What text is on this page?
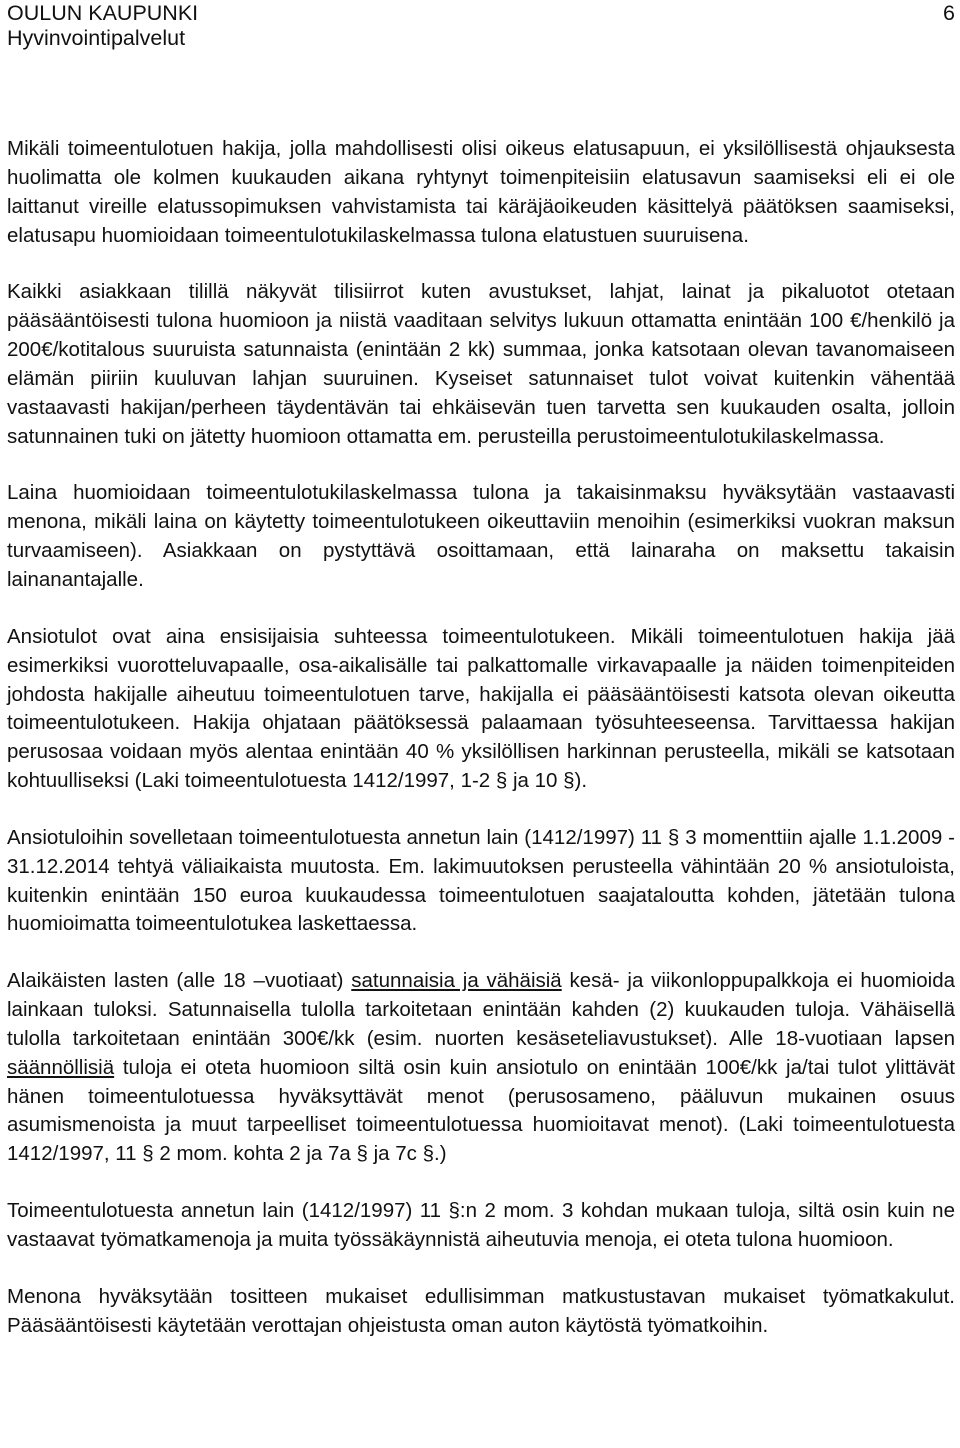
OULUN KAUPUNKI
Hyvinvointipalvelut
6

Mikäli toimeentulotuen hakija, jolla mahdollisesti olisi oikeus elatusapuun, ei yksilöllisestä ohjauksesta huolimatta ole kolmen kuukauden aikana ryhtynyt toimenpiteisiin elatusavun saamiseksi eli ei ole laittanut vireille elatussopimuksen vahvistamista tai käräjäoikeuden käsittelyä päätöksen saamiseksi, elatusapu huomioidaan toimeentulotukilaskelmassa tulona elatustuen suuruisena.

Kaikki asiakkaan tilillä näkyvät tilisiirrot kuten avustukset, lahjat, lainat ja pikaluotot otetaan pääsääntöisesti tulona huomioon ja niistä vaaditaan selvitys lukuun ottamatta enintään 100 €/henkilö ja 200€/kotitalous suuruista satunnaista (enintään 2 kk) summaa, jonka katsotaan olevan tavanomaiseen elämän piiriin kuuluvan lahjan suuruinen. Kyseiset satunnaiset tulot voivat kuitenkin vähentää vastaavasti hakijan/perheen täydentävän tai ehkäisevän tuen tarvetta sen kuukauden osalta, jolloin satunnainen tuki on jätetty huomioon ottamatta em. perusteilla perustoimeentulotukilaskelmassa.

Laina huomioidaan toimeentulotukilaskelmassa tulona ja takaisinmaksu hyväksytään vastaavasti menona, mikäli laina on käytetty toimeentulotukeen oikeuttaviin menoihin (esimerkiksi vuokran maksun turvaamiseen). Asiakkaan on pystyttävä osoittamaan, että lainaraha on maksettu takaisin lainanantajalle.

Ansiotulot ovat aina ensisijaisia suhteessa toimeentulotukeen. Mikäli toimeentulotuen hakija jää esimerkiksi vuorotteluvapaalle, osa-aikalisälle tai palkattomalle virkavapaalle ja näiden toimenpiteiden johdosta hakijalle aiheutuu toimeentulotuen tarve, hakijalla ei pääsääntöisesti katsota olevan oikeutta toimeentulotukeen. Hakija ohjataan päätöksessä palaamaan työsuhteeseensa. Tarvittaessa hakijan perusosaa voidaan myös alentaa enintään 40 % yksilöllisen harkinnan perusteella, mikäli se katsotaan kohtuulliseksi (Laki toimeentulotuesta 1412/1997, 1-2 § ja 10 §).

Ansiotuloihin sovelletaan toimeentulotuesta annetun lain (1412/1997) 11 § 3 momenttiin ajalle 1.1.2009 - 31.12.2014 tehtyä väliaikaista muutosta. Em. lakimuutoksen perusteella vähintään 20 % ansiotuloista, kuitenkin enintään 150 euroa kuukaudessa toimeentulotuen saajataloutta kohden, jätetään tulona huomioimatta toimeentulotukea laskettaessa.

Alaikäisten lasten (alle 18 –vuotiaat) satunnaisia ja vähäisiä kesä- ja viikonloppupalkkoja ei huomioida lainkaan tuloksi. Satunnaisella tulolla tarkoitetaan enintään kahden (2) kuukauden tuloja. Vähäisellä tulolla tarkoitetaan enintään 300€/kk (esim. nuorten kesäseteliavustukset). Alle 18-vuotiaan lapsen säännöllisiä tuloja ei oteta huomioon siltä osin kuin ansiotulo on enintään 100€/kk ja/tai tulot ylittävät hänen toimeentulotuessa hyväksyttävät menot (perusosameno, pääluvun mukainen osuus asumismenoista ja muut tarpeelliset toimeentulotuessa huomioitavat menot). (Laki toimeentulotuesta 1412/1997, 11 § 2 mom. kohta 2 ja 7a § ja 7c §.)

Toimeentulotuesta annetun lain (1412/1997) 11 §:n 2 mom. 3 kohdan mukaan tuloja, siltä osin kuin ne vastaavat työmatkamenoja ja muita työssäkäynnistä aiheutuvia menoja, ei oteta tulona huomioon.

Menona hyväksytään tositteen mukaiset edullisimman matkustustavan mukaiset työmatkakulut. Pääsääntöisesti käytetään verottajan ohjeistusta oman auton käytöstä työmatkoihin.
